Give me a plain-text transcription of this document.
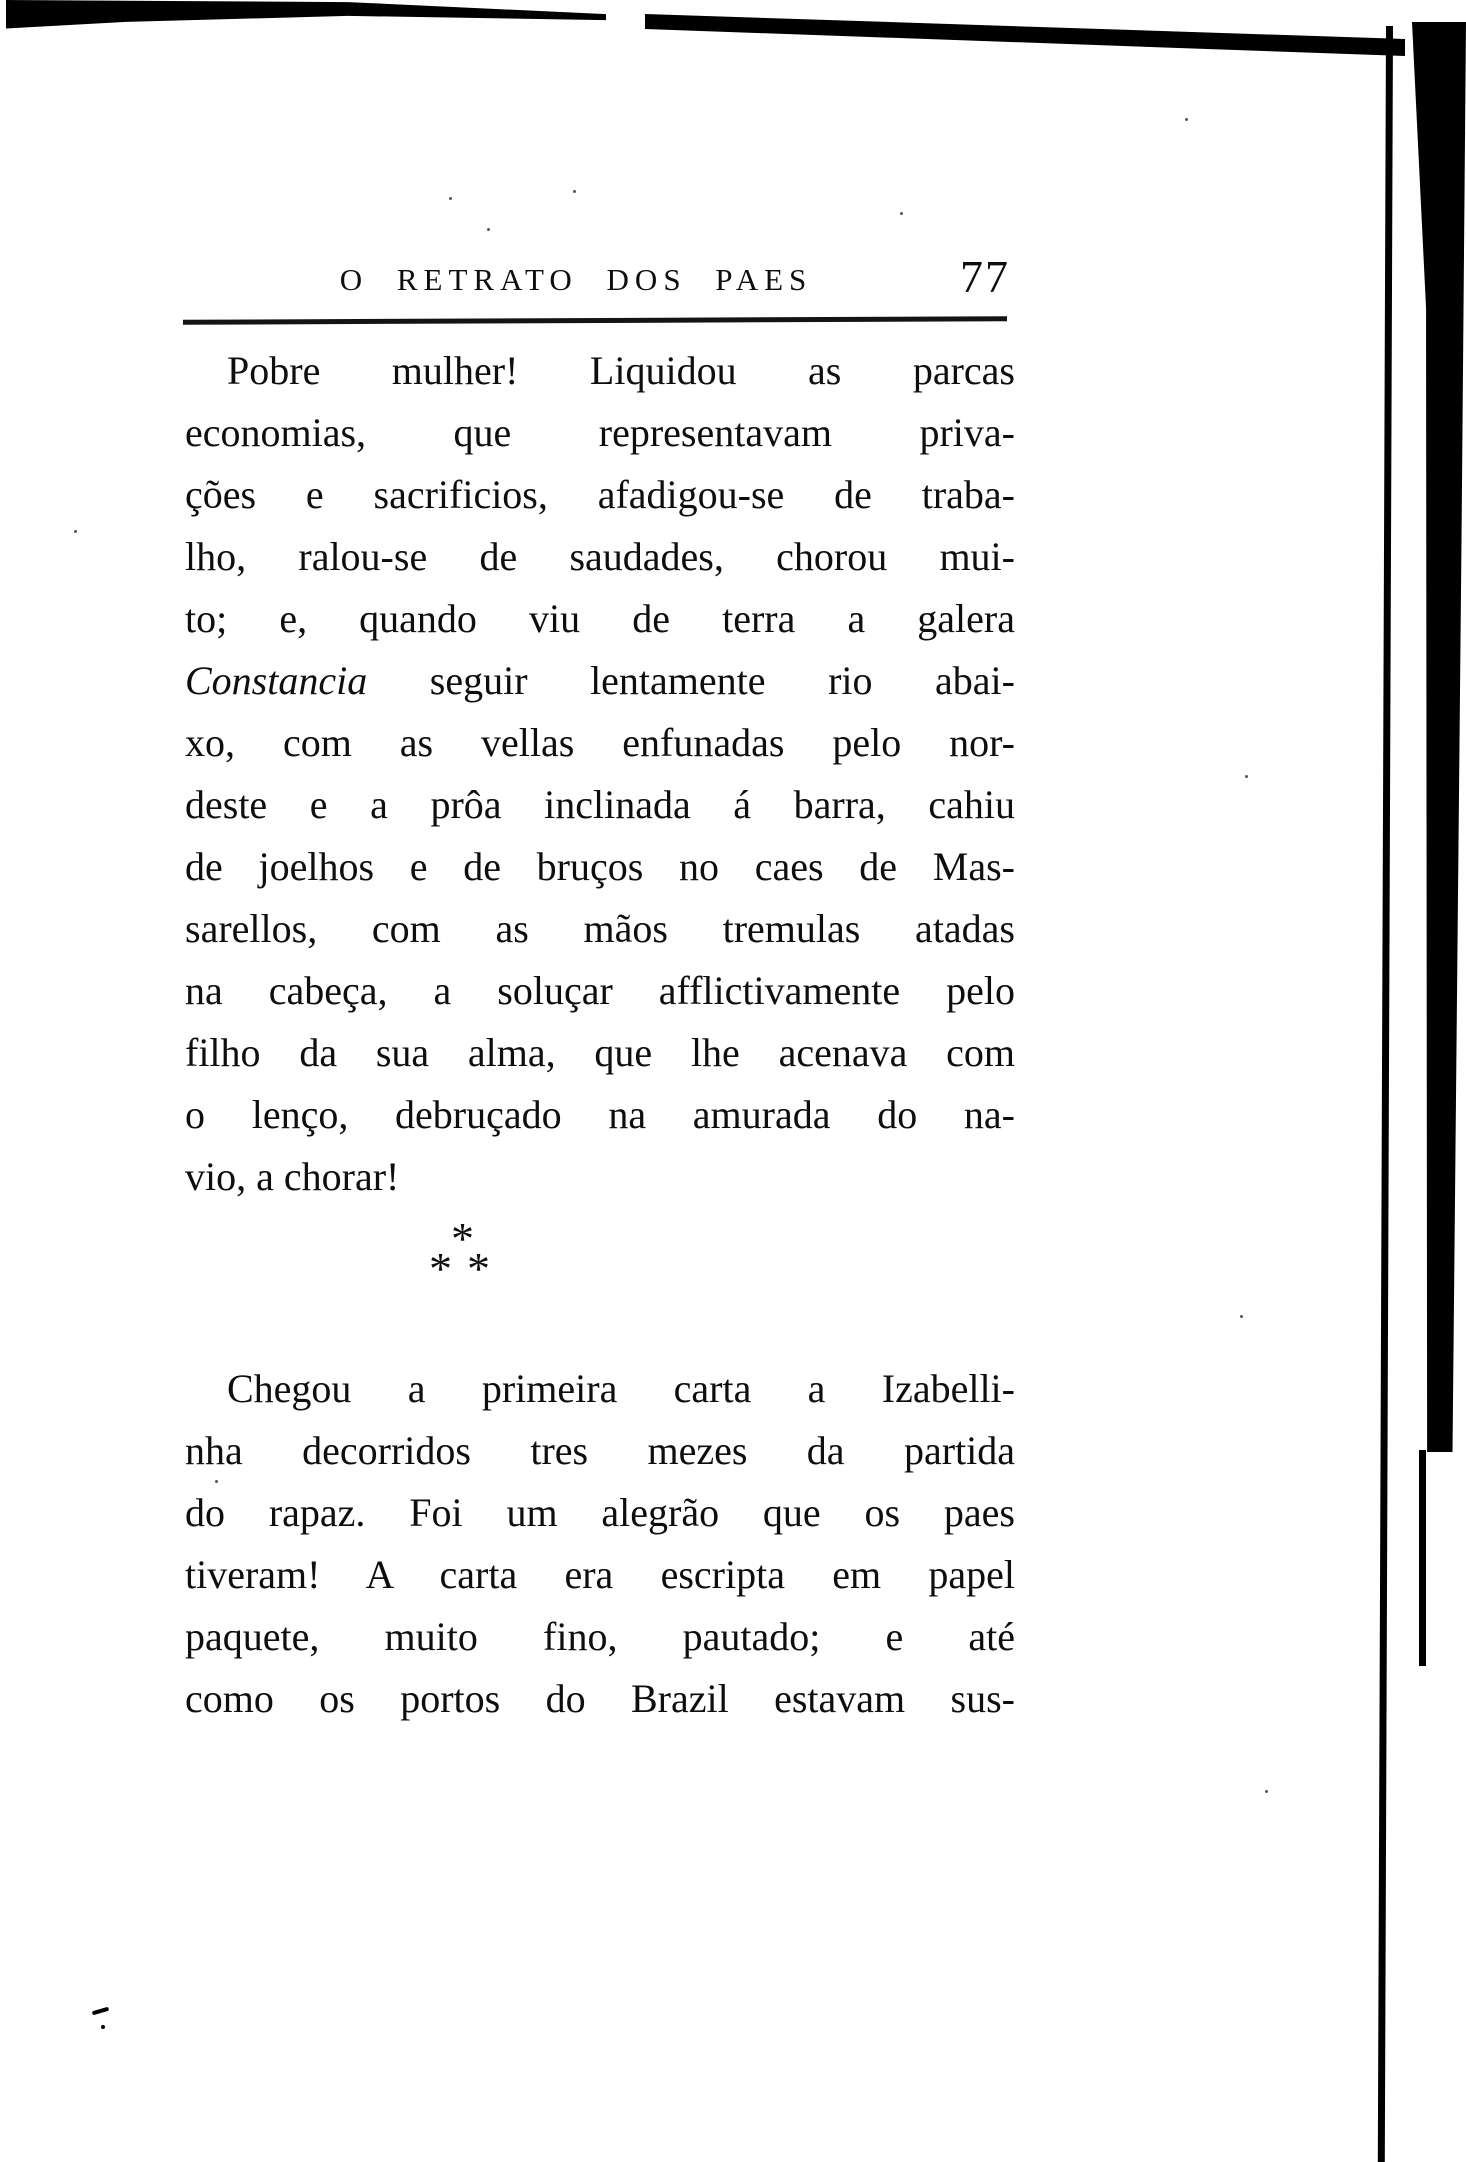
O RETRATO DOS PAES	77
Pobre mulher! Liquidou as parcas
economias, que representavam priva-
ções e sacrificios, afadigou-se de traba-
lho, ralou-se de saudades, chorou mui-
to; e, quando viu de terra a galera
Constancia seguir lentamente rio abai-
xo, com as vellas enfunadas pelo nor-
deste e a prôa inclinada á barra, cahiu
de joelhos e de bruços no caes de Mas-
sarellos, com as mãos tremulas atadas
na cabeça, a soluçar afflictivamente pelo
filho da sua alma, que lhe acenava com
o lenço, debruçado na amurada do na-
vio, a chorar!
*
* *
Chegou a primeira carta a Izabelli-
nha decorridos tres mezes da partida
do rapaz. Foi um alegrão que os paes
tiveram! A carta era escripta em papel
paquete, muito fino, pautado; e até
como os portos do Brazil estavam sus-
